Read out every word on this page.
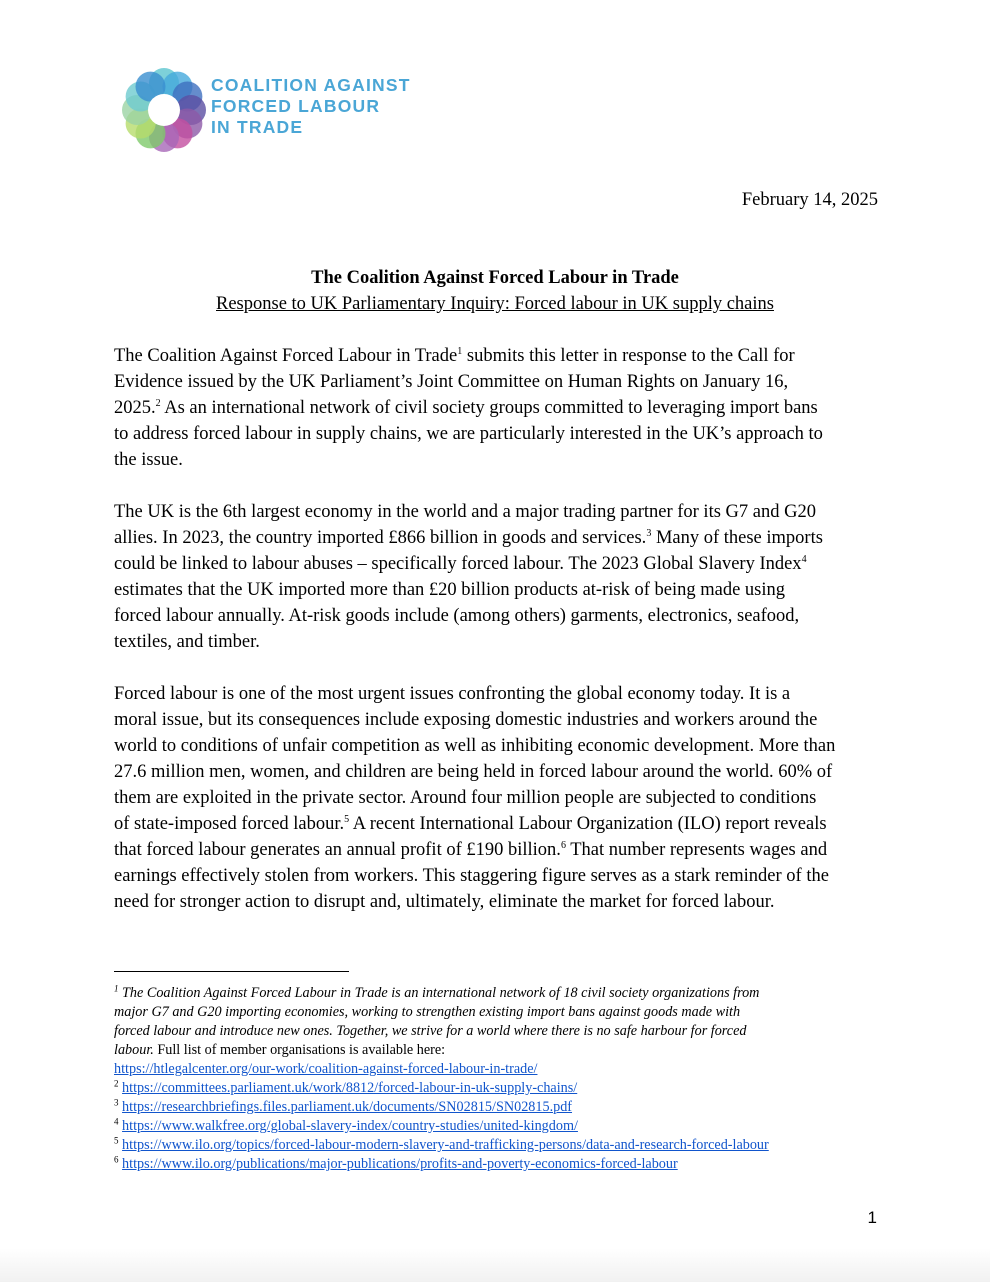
COALITION AGAINST
FORCED LABOUR
IN TRADE
February 14, 2025
The Coalition Against Forced Labour in Trade
Response to UK Parliamentary Inquiry: Forced labour in UK supply chains

The Coalition Against Forced Labour in Trade$^1$ submits this letter in response to the Call for
Evidence issued by the UK Parliament’s Joint Committee on Human Rights on January 16,
2025.$^2$ As an international network of civil society groups committed to leveraging import bans
to address forced labour in supply chains, we are particularly interested in the UK’s approach to
the issue.

The UK is the 6th largest economy in the world and a major trading partner for its G7 and G20
allies. In 2023, the country imported £866 billion in goods and services.$^3$ Many of these imports
could be linked to labour abuses – specifically forced labour. The 2023 Global Slavery Index$^4$
estimates that the UK imported more than £20 billion products at-risk of being made using
forced labour annually. At-risk goods include (among others) garments, electronics, seafood,
textiles, and timber.

Forced labour is one of the most urgent issues confronting the global economy today. It is a
moral issue, but its consequences include exposing domestic industries and workers around the
world to conditions of unfair competition as well as inhibiting economic development. More than
27.6 million men, women, and children are being held in forced labour around the world. 60% of
them are exploited in the private sector. Around four million people are subjected to conditions
of state-imposed forced labour.$^5$ A recent International Labour Organization (ILO) report reveals
that forced labour generates an annual profit of £190 billion.$^6$ That number represents wages and
earnings effectively stolen from workers. This staggering figure serves as a stark reminder of the
need for stronger action to disrupt and, ultimately, eliminate the market for forced labour.

$^1$ The Coalition Against Forced Labour in Trade is an international network of 18 civil society organizations from
major G7 and G20 importing economies, working to strengthen existing import bans against goods made with
forced labour and introduce new ones. Together, we strive for a world where there is no safe harbour for forced
labour. Full list of member organisations is available here:
https://htlegalcenter.org/our-work/coalition-against-forced-labour-in-trade/
$^2$ https://committees.parliament.uk/work/8812/forced-labour-in-uk-supply-chains/
$^3$ https://researchbriefings.files.parliament.uk/documents/SN02815/SN02815.pdf
$^4$ https://www.walkfree.org/global-slavery-index/country-studies/united-kingdom/
$^5$ https://www.ilo.org/topics/forced-labour-modern-slavery-and-trafficking-persons/data-and-research-forced-labour
$^6$ https://www.ilo.org/publications/major-publications/profits-and-poverty-economics-forced-labour
1
